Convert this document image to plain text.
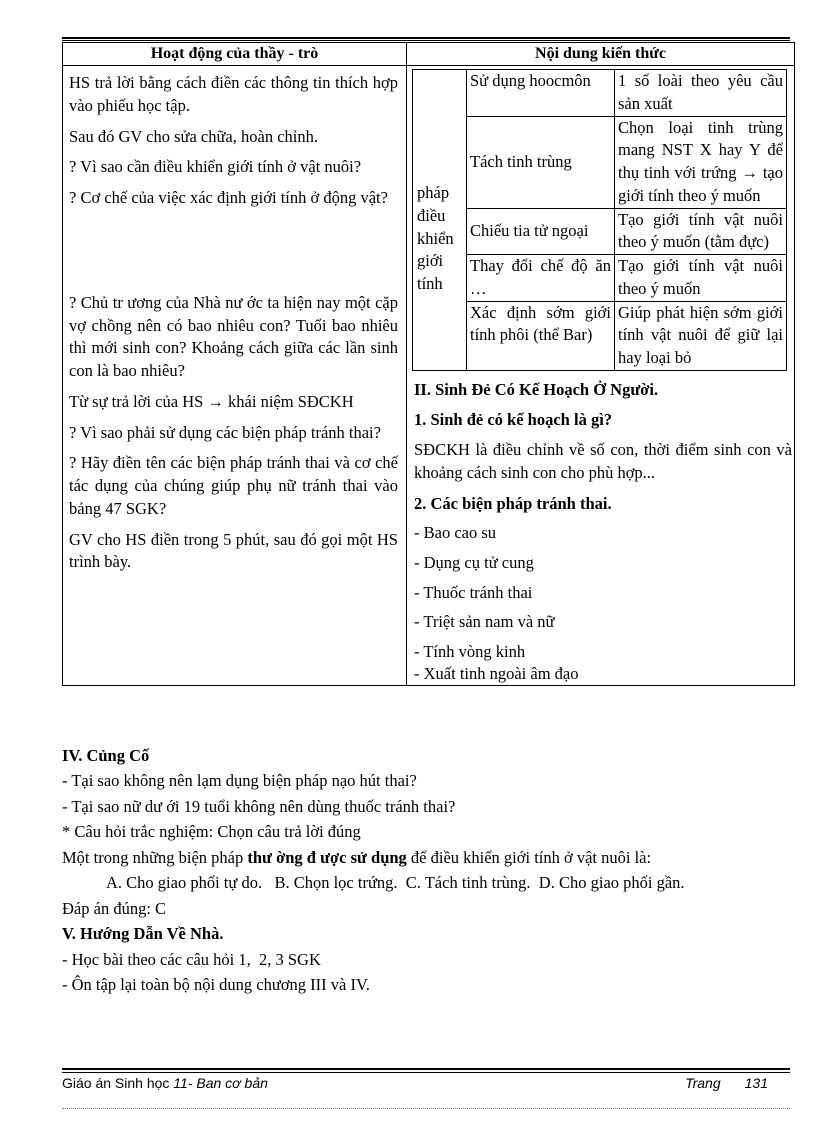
Hoạt động của thầy - trò	Nội dung kiến thức

HS trả lời bằng cách điền các thông tin thích hợp vào phiếu học tập.

Sau đó GV cho sửa chữa, hoàn chỉnh.

? Vì sao cần điều khiển giới tính ở vật nuôi?

? Cơ chế của việc xác định giới tính ở động vật?

? Chủ tr ương của Nhà nư ớc ta hiện nay một cặp vợ chồng nên có bao nhiêu con? Tuổi bao nhiêu thì mới sinh con? Khoảng cách giữa các lần sinh con là bao nhiêu?

Từ sự trả lời của HS → khái niệm SĐCKH

? Vì sao phải sử dụng các biện pháp tránh thai?

? Hãy điền tên các biện pháp tránh thai và cơ chế tác dụng của chúng giúp phụ nữ tránh thai vào bảng 47 SGK?

GV cho HS điền trong 5 phút, sau đó gọi một HS trình bày.

pháp điều khiển giới tính	Sử dụng hoocmôn	1 số loài theo yêu cầu sản xuất
Tách tinh trùng	Chọn loại tinh trùng mang NST X hay Y để thụ tinh với trứng → tạo giới tính theo ý muốn
Chiếu tia tử ngoại	Tạo giới tính vật nuôi theo ý muốn (tằm đực)
Thay đổi chế độ ăn …	Tạo giới tính vật nuôi theo ý muốn
Xác định sớm giới tính phôi (thể Bar)	Giúp phát hiện sớm giới tính vật nuôi để giữ lại hay loại bỏ
II. Sinh Đẻ Có Kế Hoạch Ở Người.
1. Sinh đẻ có kế hoạch là gì?
SĐCKH là điều chỉnh về số con, thời điểm sinh con và khoảng cách sinh con cho phù hợp...
2. Các biện pháp tránh thai.
- Bao cao su
- Dụng cụ tử cung
- Thuốc tránh thai
- Triệt sản nam và nữ
- Tính vòng kinh
- Xuất tinh ngoài âm đạo

IV. Củng Cố

- Tại sao không nên lạm dụng biện pháp nạo hút thai?

- Tại sao nữ dư ới 19 tuổi không nên dùng thuốc tránh thai?

* Câu hỏi trắc nghiệm: Chọn câu trả lời đúng

Một trong những biện pháp thư ờng đ ược sử dụng để điều khiển giới tính ở vật nuôi là:

A. Cho giao phối tự do.   B. Chọn lọc trứng.  C. Tách tinh trùng.  D. Cho giao phối gần.

Đáp án đúng: C

V. Hướng Dẫn Về Nhà.

- Học bài theo các câu hỏi 1,  2, 3 SGK

- Ôn tập lại toàn bộ nội dung chương III và IV.

Giáo án Sinh học 11- Ban cơ bản	Trang 131
